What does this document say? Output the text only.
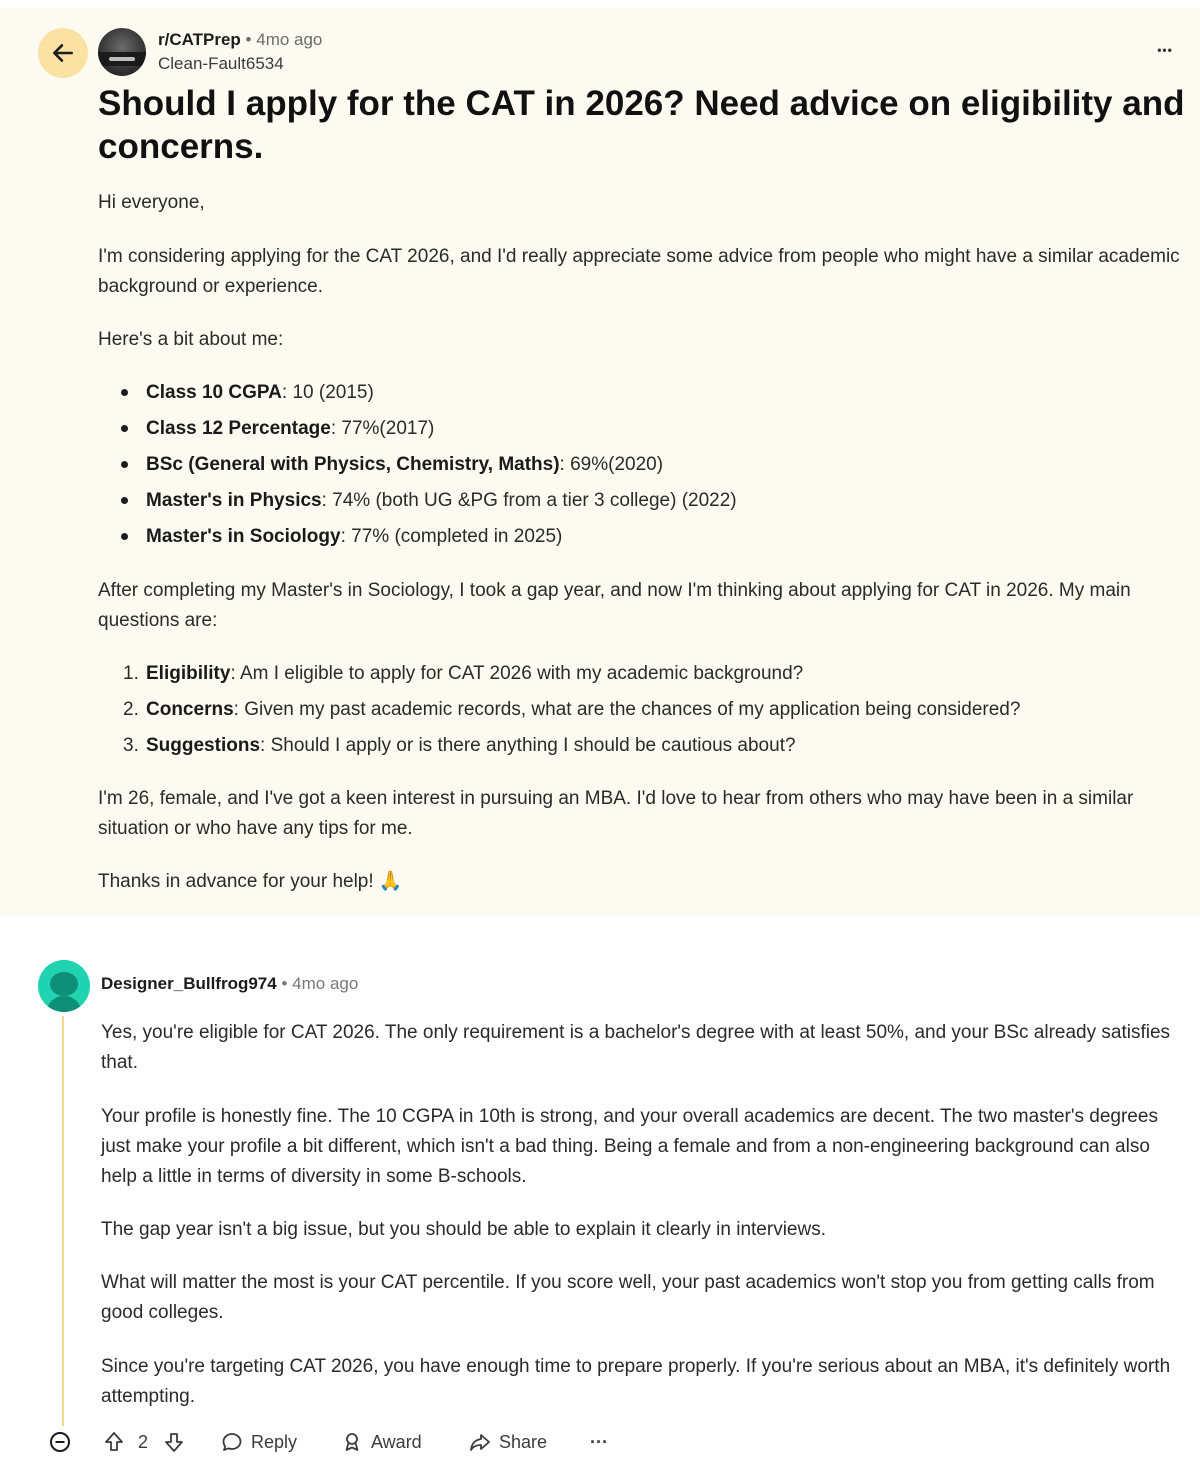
r/CATPrep • 4mo ago
Clean-Fault6534
•••
Should I apply for the CAT in 2026? Need advice on eligibility and concerns.
Hi everyone,
I'm considering applying for the CAT 2026, and I'd really appreciate some advice from people who might have a similar academic background or experience.
Here's a bit about me:
Class 10 CGPA: 10 (2015)
Class 12 Percentage: 77%(2017)
BSc (General with Physics, Chemistry, Maths): 69%(2020)
Master's in Physics: 74% (both UG &PG from a tier 3 college) (2022)
Master's in Sociology: 77% (completed in 2025)
After completing my Master's in Sociology, I took a gap year, and now I'm thinking about applying for CAT in 2026. My main questions are:
1. Eligibility: Am I eligible to apply for CAT 2026 with my academic background?
2. Concerns: Given my past academic records, what are the chances of my application being considered?
3. Suggestions: Should I apply or is there anything I should be cautious about?
I'm 26, female, and I've got a keen interest in pursuing an MBA. I'd love to hear from others who may have been in a similar situation or who have any tips for me.
Thanks in advance for your help! 🙏
Designer_Bullfrog974 • 4mo ago
Yes, you're eligible for CAT 2026. The only requirement is a bachelor's degree with at least 50%, and your BSc already satisfies that.
Your profile is honestly fine. The 10 CGPA in 10th is strong, and your overall academics are decent. The two master's degrees just make your profile a bit different, which isn't a bad thing. Being a female and from a non-engineering background can also help a little in terms of diversity in some B-schools.
The gap year isn't a big issue, but you should be able to explain it clearly in interviews.
What will matter the most is your CAT percentile. If you score well, your past academics won't stop you from getting calls from good colleges.
Since you're targeting CAT 2026, you have enough time to prepare properly. If you're serious about an MBA, it's definitely worth attempting.
2	Reply	Award	Share ···
